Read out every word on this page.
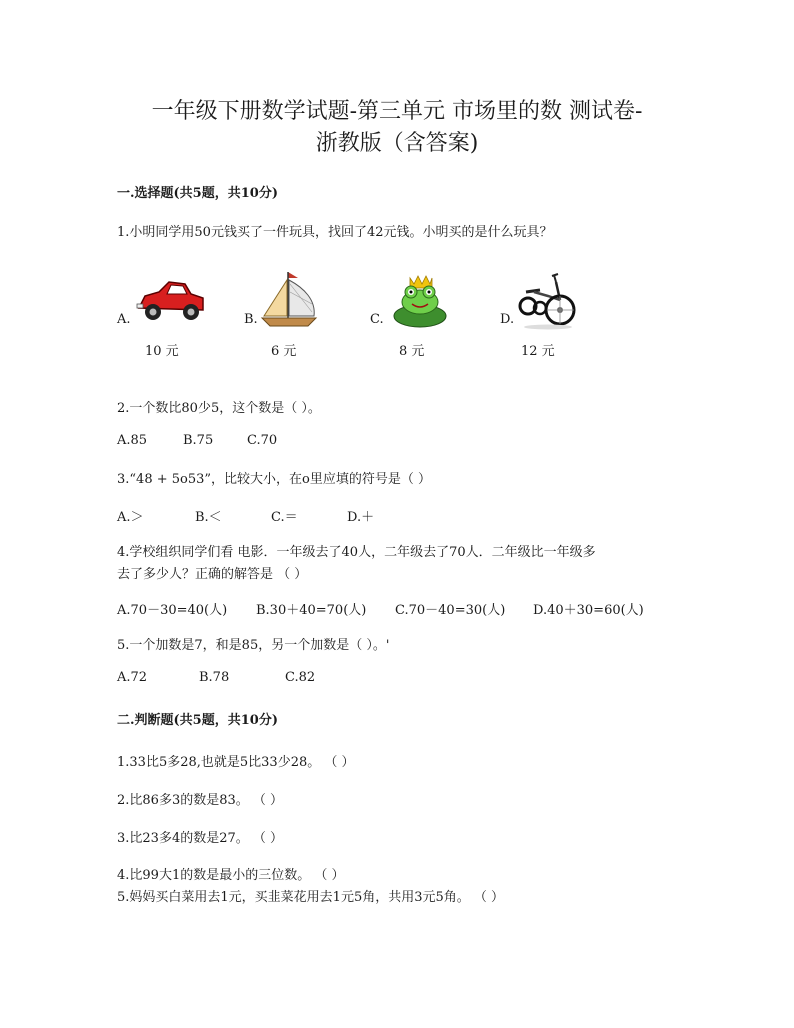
一年级下册数学试题-第三单元 市场里的数 测试卷-
浙教版（含答案)
一.选择题(共5题，共10分)
1.小明同学用50元钱买了一件玩具，找回了42元钱。小明买的是什么玩具？
A.
10 元
B.
6 元
C.
8 元
D.
12 元
2.一个数比80少5，这个数是（ ）。
A.85	B.75	C.70
3.“48 + 5o53”，比较大小，在o里应填的符号是（ ）
A.＞	B.＜	C.＝	D.＋
4.学校组织同学们看 电影．一年级去了40人，二年级去了70人．二年级比一年级多
去了多少人？正确的解答是 （ ）
A.70－30=40(人) B.30＋40=70(人) C.70－40=30(人) D.40＋30=60(人)
5.一个加数是7，和是85，另一个加数是（ ）。'
A.72	B.78	C.82
二.判断题(共5题，共10分)
1.33比5多28,也就是5比33少28。 （ ）
2.比86多3的数是83。 （ ）
3.比23多4的数是27。 （ ）
4.比99大1的数是最小的三位数。 （ ）
5.妈妈买白菜用去1元，买韭菜花用去1元5角，共用3元5角。 （ ）
